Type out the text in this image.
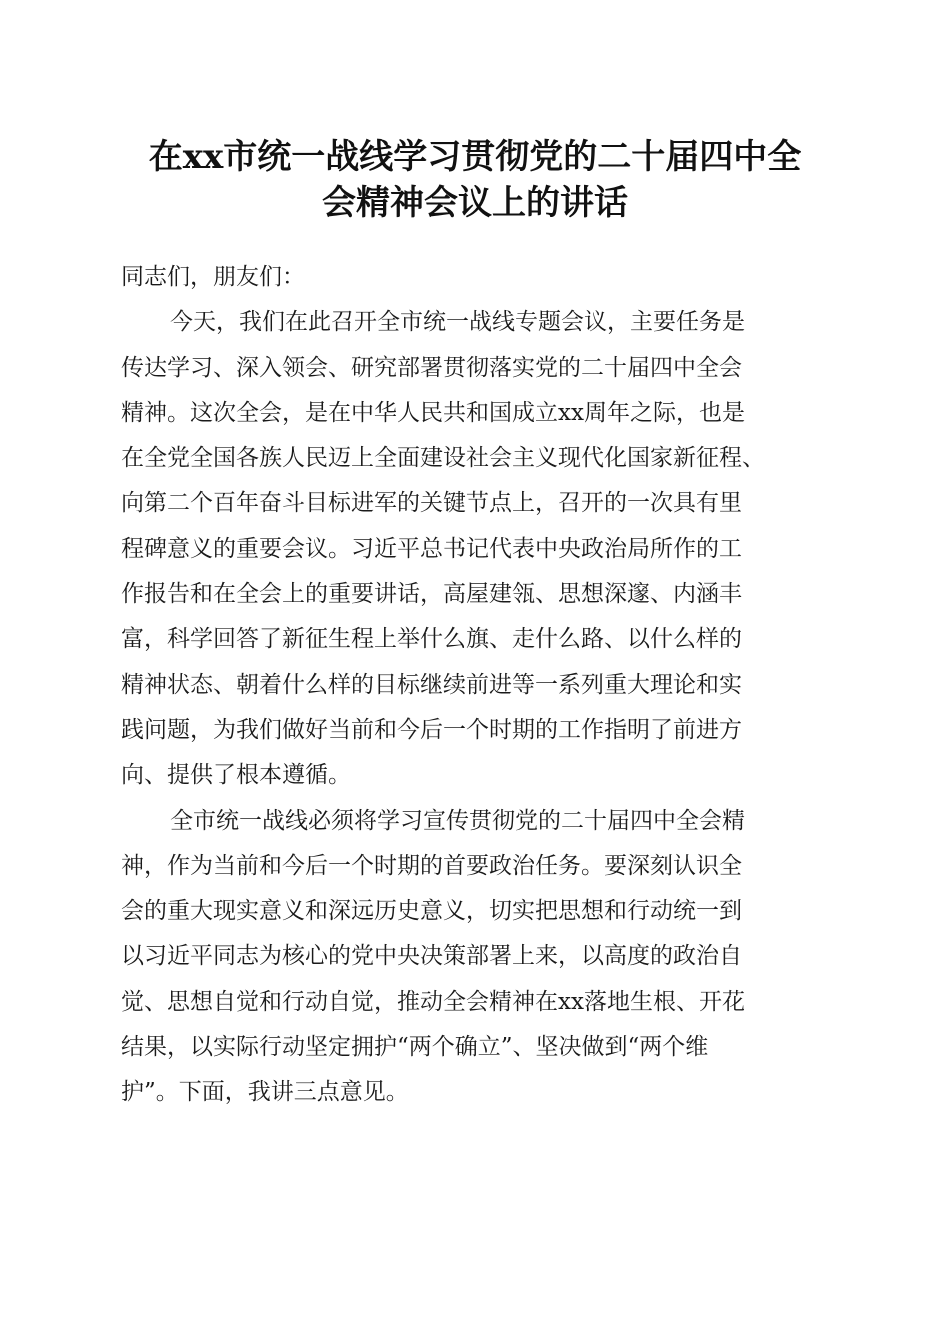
在xx市统一战线学习贯彻党的二十届四中全
会精神会议上的讲话
同志们，朋友们：
今天，我们在此召开全市统一战线专题会议，主要任务是
传达学习、深入领会、研究部署贯彻落实党的二十届四中全会
精神。这次全会，是在中华人民共和国成立xx周年之际，也是
在全党全国各族人民迈上全面建设社会主义现代化国家新征程、
向第二个百年奋斗目标进军的关键节点上，召开的一次具有里
程碑意义的重要会议。习近平总书记代表中央政治局所作的工
作报告和在全会上的重要讲话，高屋建瓴、思想深邃、内涵丰
富，科学回答了新征生程上举什么旗、走什么路、以什么样的
精神状态、朝着什么样的目标继续前进等一系列重大理论和实
践问题，为我们做好当前和今后一个时期的工作指明了前进方
向、提供了根本遵循。
全市统一战线必须将学习宣传贯彻党的二十届四中全会精
神，作为当前和今后一个时期的首要政治任务。要深刻认识全
会的重大现实意义和深远历史意义，切实把思想和行动统一到
以习近平同志为核心的党中央决策部署上来，以高度的政治自
觉、思想自觉和行动自觉，推动全会精神在xx落地生根、开花
结果，以实际行动坚定拥护“两个确立”、坚决做到“两个维
护”。下面，我讲三点意见。
